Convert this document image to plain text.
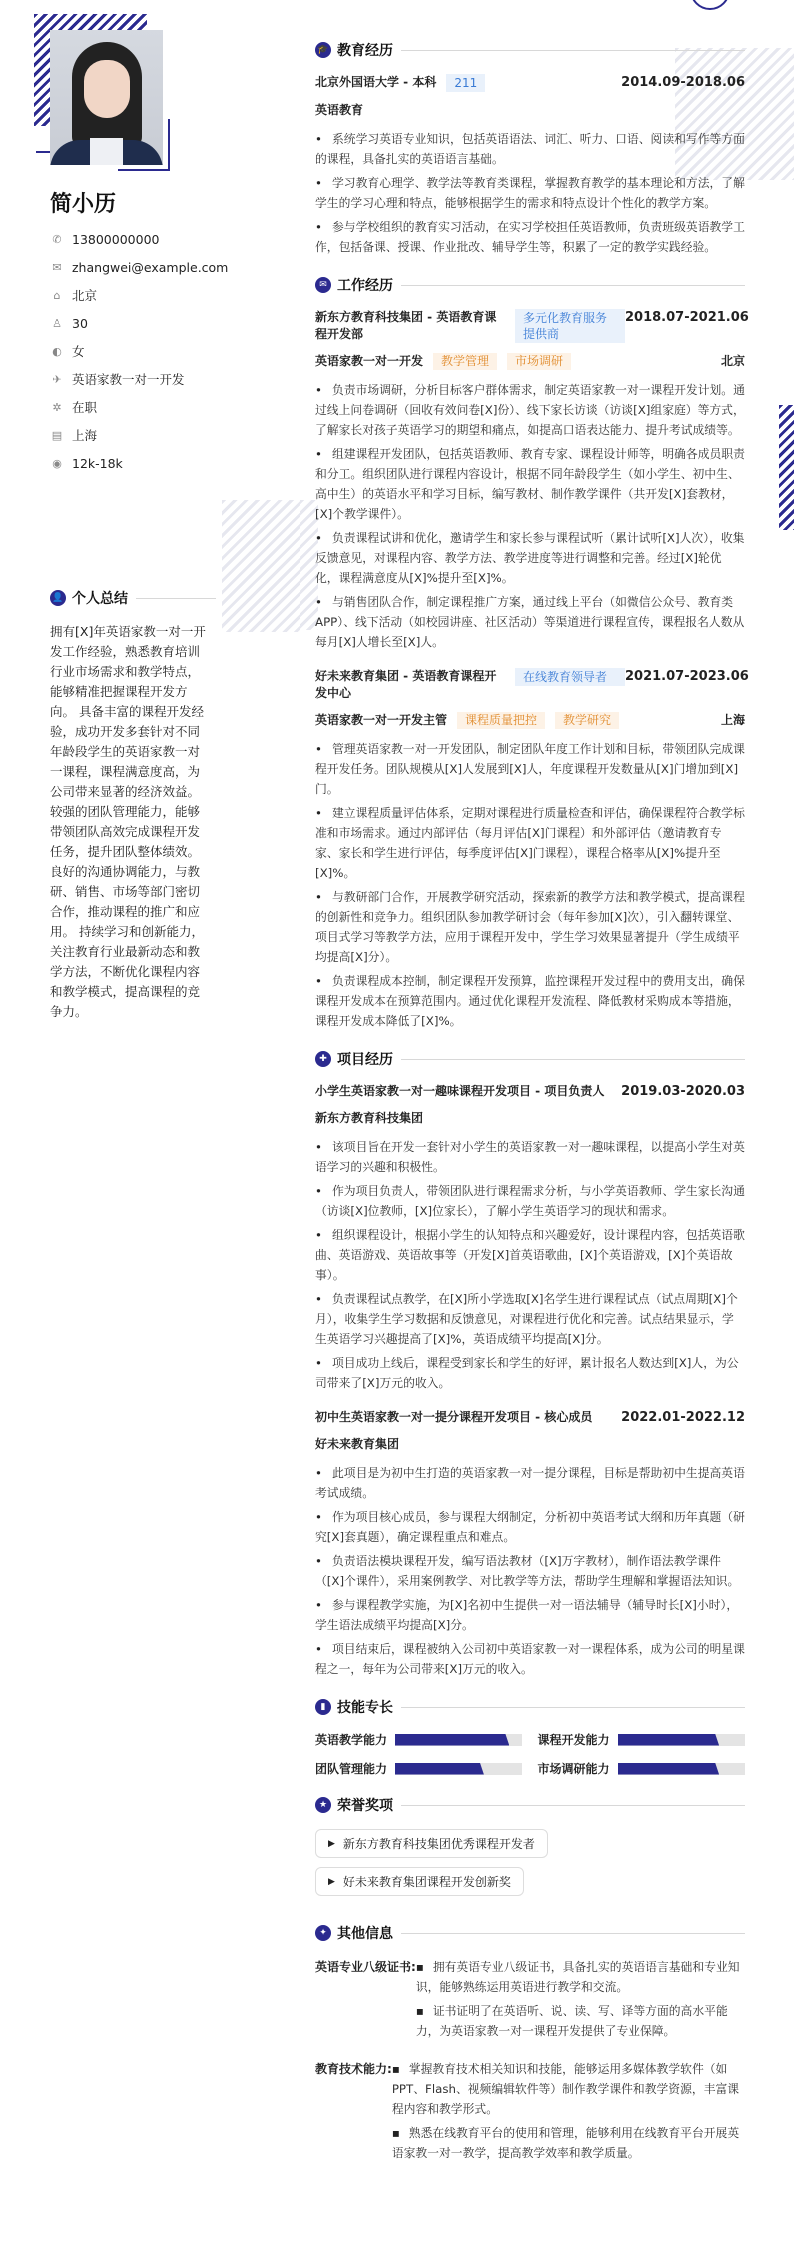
简小历
✆ 13800000000
✉ zhangwei@example.com
⌂ 北京
♙ 30
◐ 女
✈ 英语家教一对一开发
✲ 在职
▤ 上海
◉ 12k-18k
👤 个人总结
拥有[X]年英语家教一对一开发工作经验，熟悉教育培训行业市场需求和教学特点，能够精准把握课程开发方向。 具备丰富的课程开发经验，成功开发多套针对不同年龄段学生的英语家教一对一课程，课程满意度高，为公司带来显著的经济效益。 较强的团队管理能力，能够带领团队高效完成课程开发任务，提升团队整体绩效。 良好的沟通协调能力，与教研、销售、市场等部门密切合作，推动课程的推广和应用。 持续学习和创新能力，关注教育行业最新动态和教学方法，不断优化课程内容和教学模式，提高课程的竞争力。
🎓 教育经历
北京外国语大学 - 本科	211	2014.09-2018.06
英语教育
• 系统学习英语专业知识，包括英语语法、词汇、听力、口语、阅读和写作等方面的课程，具备扎实的英语语言基础。
• 学习教育心理学、教学法等教育类课程，掌握教育教学的基本理论和方法，了解学生的学习心理和特点，能够根据学生的需求和特点设计个性化的教学方案。
• 参与学校组织的教育实习活动，在实习学校担任英语教师，负责班级英语教学工作，包括备课、授课、作业批改、辅导学生等，积累了一定的教学实践经验。
✉ 工作经历
新东方教育科技集团 - 英语教育课程开发部
多元化教育服务提供商
2018.07-2021.06
英语家教一对一开发	教学管理	市场调研	北京
• 负责市场调研，分析目标客户群体需求，制定英语家教一对一课程开发计划。通过线上问卷调研（回收有效问卷[X]份）、线下家长访谈（访谈[X]组家庭）等方式，了解家长对孩子英语学习的期望和痛点，如提高口语表达能力、提升考试成绩等。
• 组建课程开发团队，包括英语教师、教育专家、课程设计师等，明确各成员职责和分工。组织团队进行课程内容设计，根据不同年龄段学生（如小学生、初中生、高中生）的英语水平和学习目标，编写教材、制作教学课件（共开发[X]套教材，[X]个教学课件）。
• 负责课程试讲和优化，邀请学生和家长参与课程试听（累计试听[X]人次），收集反馈意见，对课程内容、教学方法、教学进度等进行调整和完善。经过[X]轮优化，课程满意度从[X]%提升至[X]%。
• 与销售团队合作，制定课程推广方案，通过线上平台（如微信公众号、教育类APP）、线下活动（如校园讲座、社区活动）等渠道进行课程宣传，课程报名人数从每月[X]人增长至[X]人。
好未来教育集团 - 英语教育课程开发中心
在线教育领导者	2021.07-2023.06
英语家教一对一开发主管	课程质量把控	教学研究	上海
• 管理英语家教一对一开发团队，制定团队年度工作计划和目标，带领团队完成课程开发任务。团队规模从[X]人发展到[X]人，年度课程开发数量从[X]门增加到[X]门。
• 建立课程质量评估体系，定期对课程进行质量检查和评估，确保课程符合教学标准和市场需求。通过内部评估（每月评估[X]门课程）和外部评估（邀请教育专家、家长和学生进行评估，每季度评估[X]门课程），课程合格率从[X]%提升至[X]%。
• 与教研部门合作，开展教学研究活动，探索新的教学方法和教学模式，提高课程的创新性和竞争力。组织团队参加教学研讨会（每年参加[X]次），引入翻转课堂、项目式学习等教学方法，应用于课程开发中，学生学习效果显著提升（学生成绩平均提高[X]分）。
• 负责课程成本控制，制定课程开发预算，监控课程开发过程中的费用支出，确保课程开发成本在预算范围内。通过优化课程开发流程、降低教材采购成本等措施，课程开发成本降低了[X]%。
✚ 项目经历
小学生英语家教一对一趣味课程开发项目 - 项目负责人 2019.03-2020.03
新东方教育科技集团
• 该项目旨在开发一套针对小学生的英语家教一对一趣味课程，以提高小学生对英语学习的兴趣和积极性。
• 作为项目负责人，带领团队进行课程需求分析，与小学英语教师、学生家长沟通（访谈[X]位教师，[X]位家长），了解小学生英语学习的现状和需求。
• 组织课程设计，根据小学生的认知特点和兴趣爱好，设计课程内容，包括英语歌曲、英语游戏、英语故事等（开发[X]首英语歌曲，[X]个英语游戏，[X]个英语故事）。
• 负责课程试点教学，在[X]所小学选取[X]名学生进行课程试点（试点周期[X]个月），收集学生学习数据和反馈意见，对课程进行优化和完善。试点结果显示，学生英语学习兴趣提高了[X]%，英语成绩平均提高[X]分。
• 项目成功上线后，课程受到家长和学生的好评，累计报名人数达到[X]人，为公司带来了[X]万元的收入。
初中生英语家教一对一提分课程开发项目 - 核心成员 2022.01-2022.12
好未来教育集团
• 此项目是为初中生打造的英语家教一对一提分课程，目标是帮助初中生提高英语考试成绩。
• 作为项目核心成员，参与课程大纲制定，分析初中英语考试大纲和历年真题（研究[X]套真题），确定课程重点和难点。
• 负责语法模块课程开发，编写语法教材（[X]万字教材），制作语法教学课件（[X]个课件），采用案例教学、对比教学等方法，帮助学生理解和掌握语法知识。
• 参与课程教学实施，为[X]名初中生提供一对一语法辅导（辅导时长[X]小时），学生语法成绩平均提高[X]分。
• 项目结束后，课程被纳入公司初中英语家教一对一课程体系，成为公司的明星课程之一，每年为公司带来[X]万元的收入。
▮ 技能专长
英语教学能力	课程开发能力
团队管理能力	市场调研能力
★ 荣誉奖项
▶ 新东方教育科技集团优秀课程开发者
▶ 好未来教育集团课程开发创新奖
✦ 其他信息
英语专业八级证书:	▪ 拥有英语专业八级证书，具备扎实的英语语言基础和专业知识，能够熟练运用英语进行教学和交流。
▪ 证书证明了在英语听、说、读、写、译等方面的高水平能力，为英语家教一对一课程开发提供了专业保障。
教育技术能力:	▪ 掌握教育技术相关知识和技能，能够运用多媒体教学软件（如PPT、Flash、视频编辑软件等）制作教学课件和教学资源，丰富课程内容和教学形式。
▪ 熟悉在线教育平台的使用和管理，能够利用在线教育平台开展英语家教一对一教学，提高教学效率和教学质量。
